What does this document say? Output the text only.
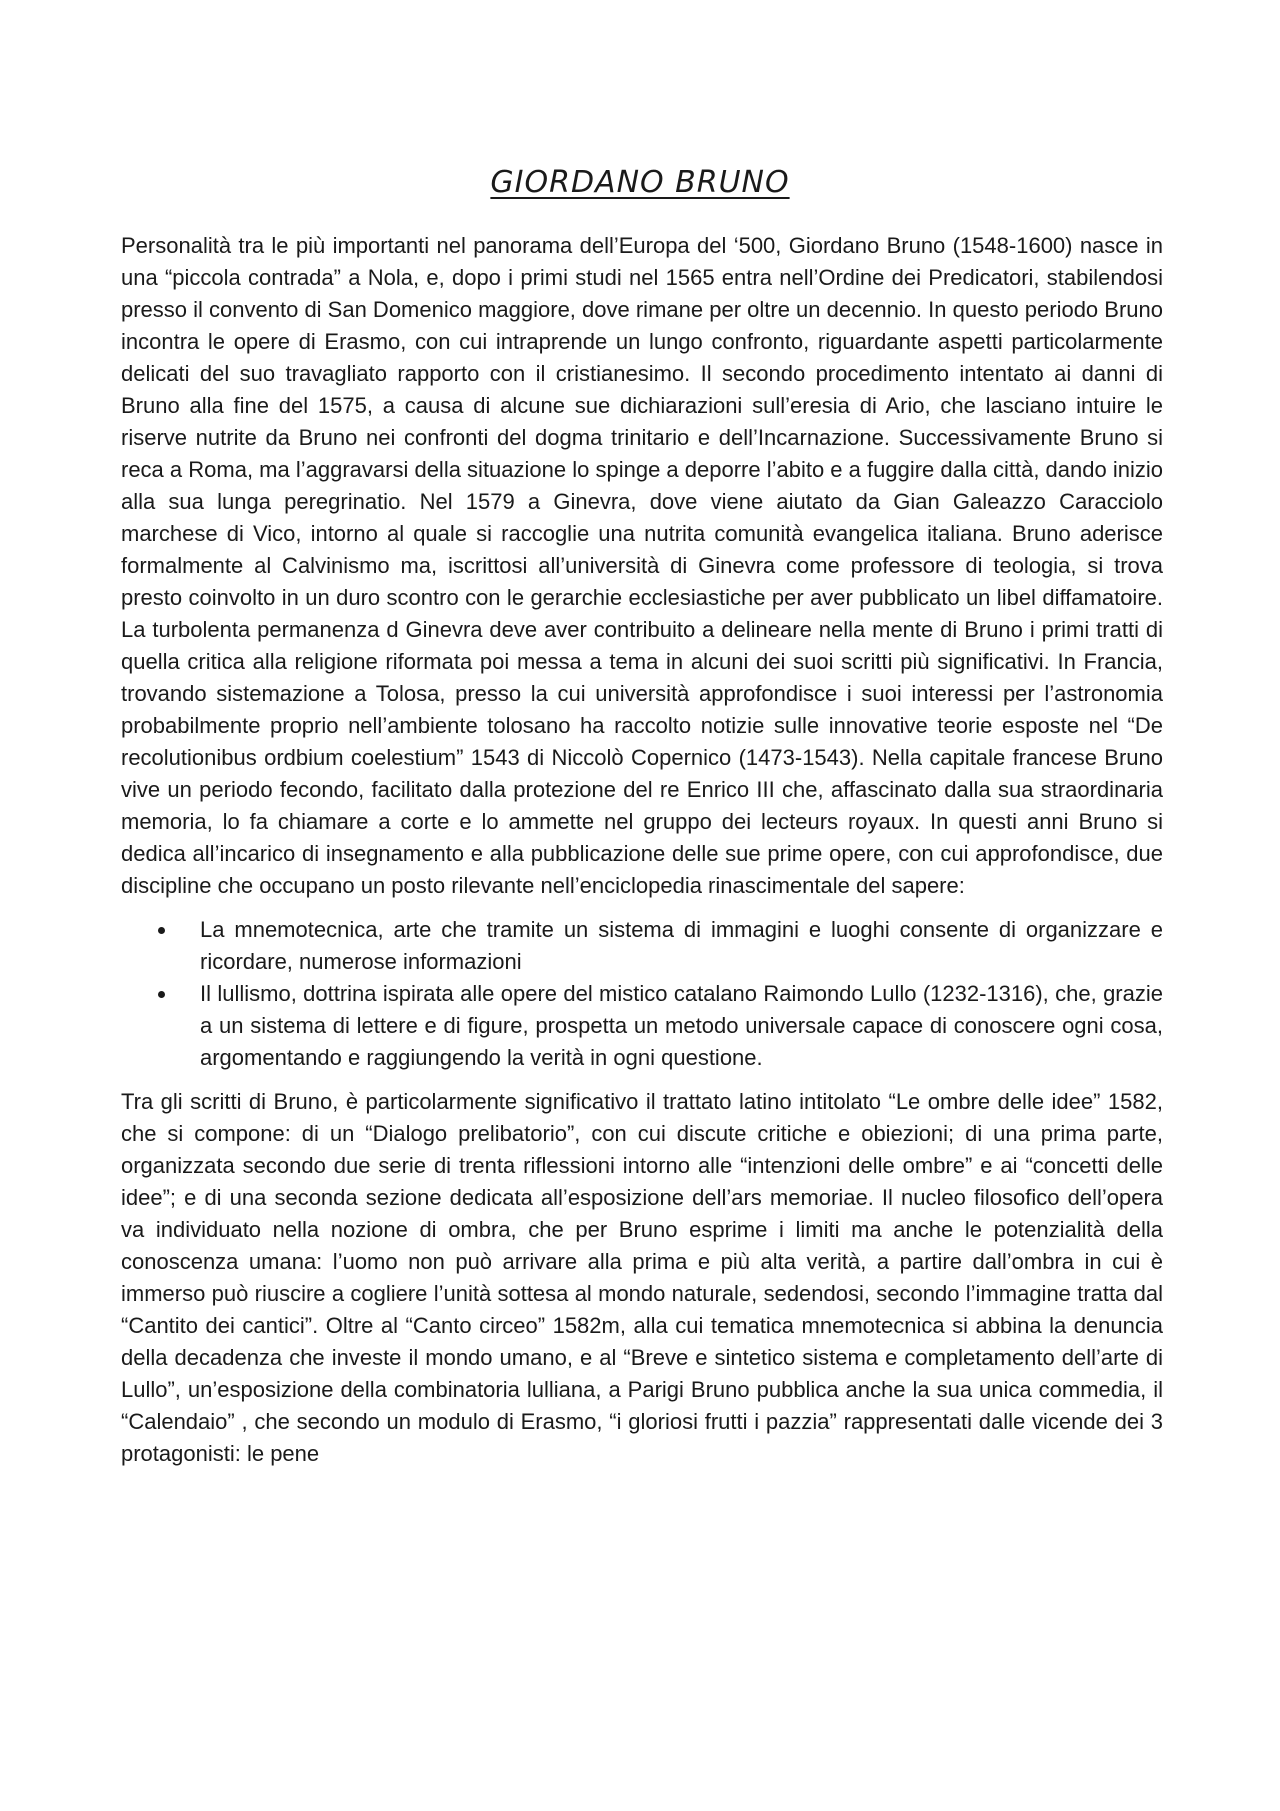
GIORDANO BRUNO

Personalità tra le più importanti nel panorama dell’Europa del ‘500, Giordano Bruno (1548-1600) nasce in una “piccola contrada” a Nola, e, dopo i primi studi nel 1565 entra nell’Ordine dei Predicatori, stabilendosi presso il convento di San Domenico maggiore, dove rimane per oltre un decennio. In questo periodo Bruno incontra le opere di Erasmo, con cui intraprende un lungo confronto, riguardante aspetti particolarmente delicati del suo travagliato rapporto con il cristianesimo. Il secondo procedimento intentato ai danni di Bruno alla fine del 1575, a causa di alcune sue dichiarazioni sull’eresia di Ario, che lasciano intuire le riserve nutrite da Bruno nei confronti del dogma trinitario e dell’Incarnazione. Successivamente Bruno si reca a Roma, ma l’aggravarsi della situazione lo spinge a deporre l’abito e a fuggire dalla città, dando inizio alla sua lunga peregrinatio. Nel 1579 a Ginevra, dove viene aiutato da Gian Galeazzo Caracciolo marchese di Vico, intorno al quale si raccoglie una nutrita comunità evangelica italiana. Bruno aderisce formalmente al Calvinismo ma, iscrittosi all’università di Ginevra come professore di teologia, si trova presto coinvolto in un duro scontro con le gerarchie ecclesiastiche per aver pubblicato un libel diffamatoire. La turbolenta permanenza d Ginevra deve aver contribuito a delineare nella mente di Bruno i primi tratti di quella critica alla religione riformata poi messa a tema in alcuni dei suoi scritti più significativi. In Francia, trovando sistemazione a Tolosa, presso la cui università approfondisce i suoi interessi per l’astronomia probabilmente proprio nell’ambiente tolosano ha raccolto notizie sulle innovative teorie esposte nel “De recolutionibus ordbium coelestium” 1543 di Niccolò Copernico (1473-1543). Nella capitale francese Bruno vive un periodo fecondo, facilitato dalla protezione del re Enrico III che, affascinato dalla sua straordinaria memoria, lo fa chiamare a corte e lo ammette nel gruppo dei lecteurs royaux. In questi anni Bruno si dedica all’incarico di insegnamento e alla pubblicazione delle sue prime opere, con cui approfondisce, due discipline che occupano un posto rilevante nell’enciclopedia rinascimentale del sapere:

La mnemotecnica, arte che tramite un sistema di immagini e luoghi consente di organizzare e ricordare, numerose informazioni
Il lullismo, dottrina ispirata alle opere del mistico catalano Raimondo Lullo (1232-1316), che, grazie a un sistema di lettere e di figure, prospetta un metodo universale capace di conoscere ogni cosa, argomentando e raggiungendo la verità in ogni questione.

Tra gli scritti di Bruno, è particolarmente significativo il trattato latino intitolato “Le ombre delle idee” 1582, che si compone: di un “Dialogo prelibatorio”, con cui discute critiche e obiezioni; di una prima parte, organizzata secondo due serie di trenta riflessioni intorno alle “intenzioni delle ombre” e ai “concetti delle idee”; e di una seconda sezione dedicata all’esposizione dell’ars memoriae. Il nucleo filosofico dell’opera va individuato nella nozione di ombra, che per Bruno esprime i limiti ma anche le potenzialità della conoscenza umana: l’uomo non può arrivare alla prima e più alta verità, a partire dall’ombra in cui è immerso può riuscire a cogliere l’unità sottesa al mondo naturale, sedendosi, secondo l’immagine tratta dal “Cantito dei cantici”. Oltre al “Canto circeo” 1582m, alla cui tematica mnemotecnica si abbina la denuncia della decadenza che investe il mondo umano, e al “Breve e sintetico sistema e completamento dell’arte di Lullo”, un’esposizione della combinatoria lulliana, a Parigi Bruno pubblica anche la sua unica commedia, il “Calendaio” , che secondo un modulo di Erasmo, “i gloriosi frutti i pazzia” rappresentati dalle vicende dei 3 protagonisti: le pene
